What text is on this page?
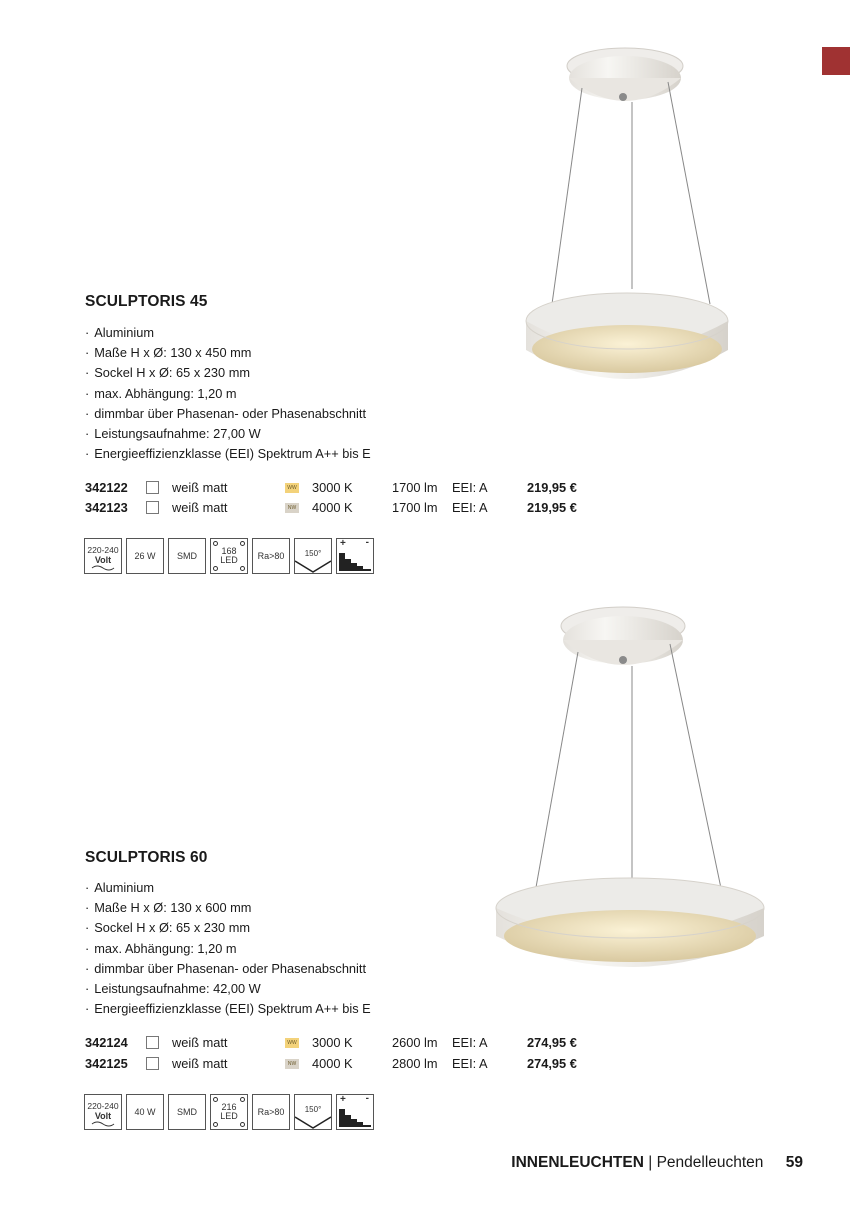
SCULPTORIS 45
· Aluminium
· Maße H x Ø: 130 x 450 mm
· Sockel H x Ø: 65 x 230 mm
· max. Abhängung: 1,20 m
· dimmbar über Phasenan- oder Phasenabschnitt
· Leistungsaufnahme: 27,00 W
· Energieeffizienzklasse (EEI) Spektrum A++ bis E
342122	weiß matt	WW 3000 K	1700 lm EEI: A	219,95 €
342123	weiß matt	NW 4000 K	1700 lm EEI: A	219,95 €
220-240
Volt	26 W	SMD	168
LED	Ra>80	150°
+ -
SCULPTORIS 60
· Aluminium
· Maße H x Ø: 130 x 600 mm
· Sockel H x Ø: 65 x 230 mm
· max. Abhängung: 1,20 m
· dimmbar über Phasenan- oder Phasenabschnitt
· Leistungsaufnahme: 42,00 W
· Energieeffizienzklasse (EEI) Spektrum A++ bis E
342124	weiß matt	WW 3000 K	2600 lm EEI: A	274,95 €
342125	weiß matt	NW 4000 K	2800 lm EEI: A	274,95 €
220-240
Volt	40 W	SMD	216
LED	Ra>80	150°
+ -
INNENLEUCHTEN | Pendelleuchten 59
